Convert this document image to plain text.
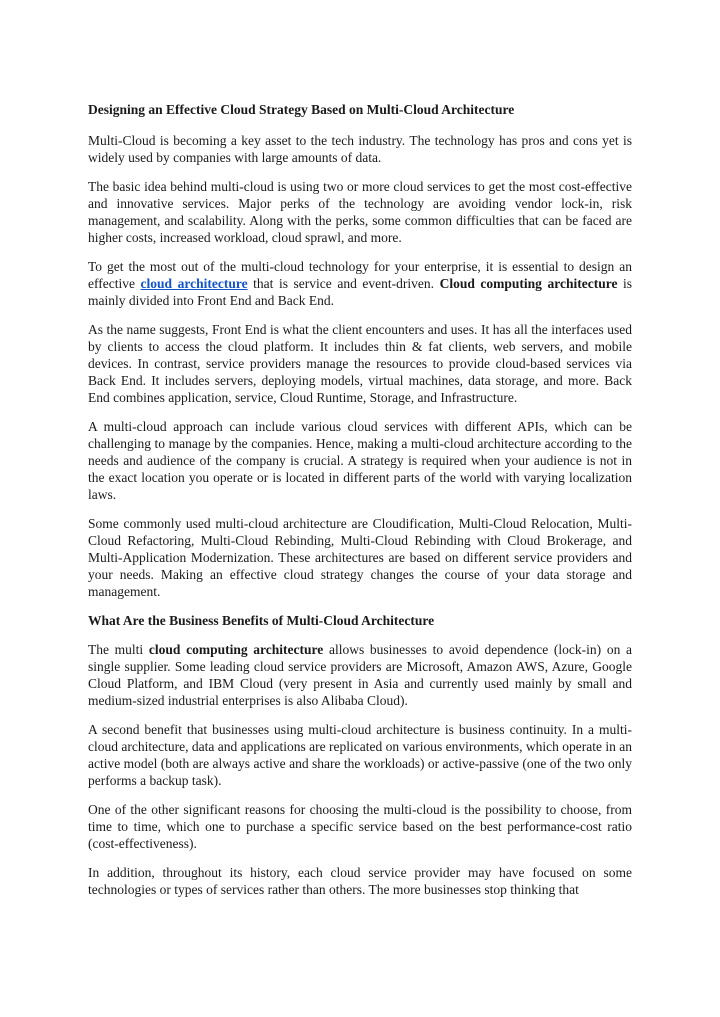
Designing an Effective Cloud Strategy Based on Multi-Cloud Architecture

Multi-Cloud is becoming a key asset to the tech industry. The technology has pros and cons yet is widely used by companies with large amounts of data.

The basic idea behind multi-cloud is using two or more cloud services to get the most cost-effective and innovative services. Major perks of the technology are avoiding vendor lock-in, risk management, and scalability. Along with the perks, some common difficulties that can be faced are higher costs, increased workload, cloud sprawl, and more.

To get the most out of the multi-cloud technology for your enterprise, it is essential to design an effective cloud architecture that is service and event-driven. Cloud computing architecture is mainly divided into Front End and Back End.

As the name suggests, Front End is what the client encounters and uses. It has all the interfaces used by clients to access the cloud platform. It includes thin & fat clients, web servers, and mobile devices. In contrast, service providers manage the resources to provide cloud-based services via Back End. It includes servers, deploying models, virtual machines, data storage, and more. Back End combines application, service, Cloud Runtime, Storage, and Infrastructure.

A multi-cloud approach can include various cloud services with different APIs, which can be challenging to manage by the companies. Hence, making a multi-cloud architecture according to the needs and audience of the company is crucial. A strategy is required when your audience is not in the exact location you operate or is located in different parts of the world with varying localization laws.

Some commonly used multi-cloud architecture are Cloudification, Multi-Cloud Relocation, Multi-Cloud Refactoring, Multi-Cloud Rebinding, Multi-Cloud Rebinding with Cloud Brokerage, and Multi-Application Modernization. These architectures are based on different service providers and your needs. Making an effective cloud strategy changes the course of your data storage and management.

What Are the Business Benefits of Multi-Cloud Architecture

The multi cloud computing architecture allows businesses to avoid dependence (lock-in) on a single supplier. Some leading cloud service providers are Microsoft, Amazon AWS, Azure, Google Cloud Platform, and IBM Cloud (very present in Asia and currently used mainly by small and medium-sized industrial enterprises is also Alibaba Cloud).

A second benefit that businesses using multi-cloud architecture is business continuity. In a multi-cloud architecture, data and applications are replicated on various environments, which operate in an active model (both are always active and share the workloads) or active-passive (one of the two only performs a backup task).

One of the other significant reasons for choosing the multi-cloud is the possibility to choose, from time to time, which one to purchase a specific service based on the best performance-cost ratio (cost-effectiveness).

In addition, throughout its history, each cloud service provider may have focused on some technologies or types of services rather than others. The more businesses stop thinking that
